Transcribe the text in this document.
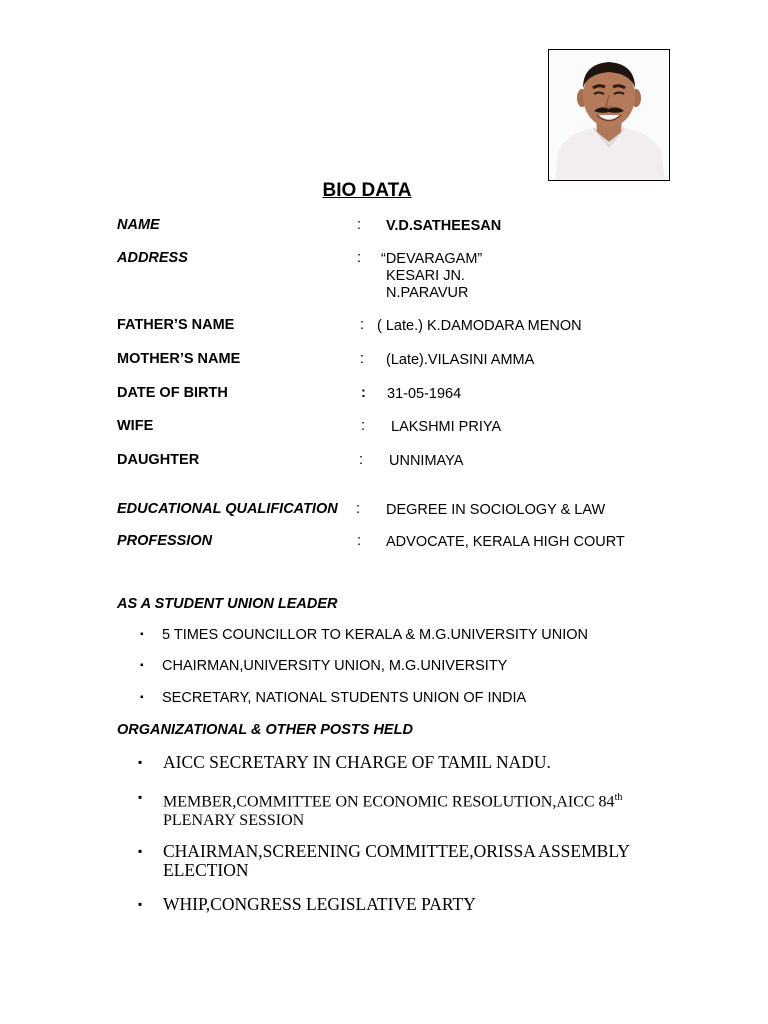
BIO DATA
NAME	: V.D.SATHEESAN
ADDRESS	: “DEVARAGAM”
KESARI JN.
N.PARAVUR
FATHER’S NAME	: ( Late.) K.DAMODARA MENON
MOTHER’S NAME	: (Late).VILASINI AMMA
DATE OF BIRTH	: 31-05-1964
WIFE	: LAKSHMI PRIYA
DAUGHTER	: UNNIMAYA
EDUCATIONAL QUALIFICATION : DEGREE IN SOCIOLOGY & LAW
PROFESSION	: ADVOCATE, KERALA HIGH COURT
AS A STUDENT UNION LEADER
▪ 5 TIMES COUNCILLOR TO KERALA & M.G.UNIVERSITY UNION
▪ CHAIRMAN,UNIVERSITY UNION, M.G.UNIVERSITY
▪ SECRETARY, NATIONAL STUDENTS UNION OF INDIA
ORGANIZATIONAL & OTHER POSTS HELD
▪ AICC SECRETARY IN CHARGE OF TAMIL NADU.
▪ MEMBER,COMMITTEE ON ECONOMIC RESOLUTION,AICC 84th
PLENARY SESSION
▪ CHAIRMAN,SCREENING COMMITTEE,ORISSA ASSEMBLY ELECTION
▪ WHIP,CONGRESS LEGISLATIVE PARTY
